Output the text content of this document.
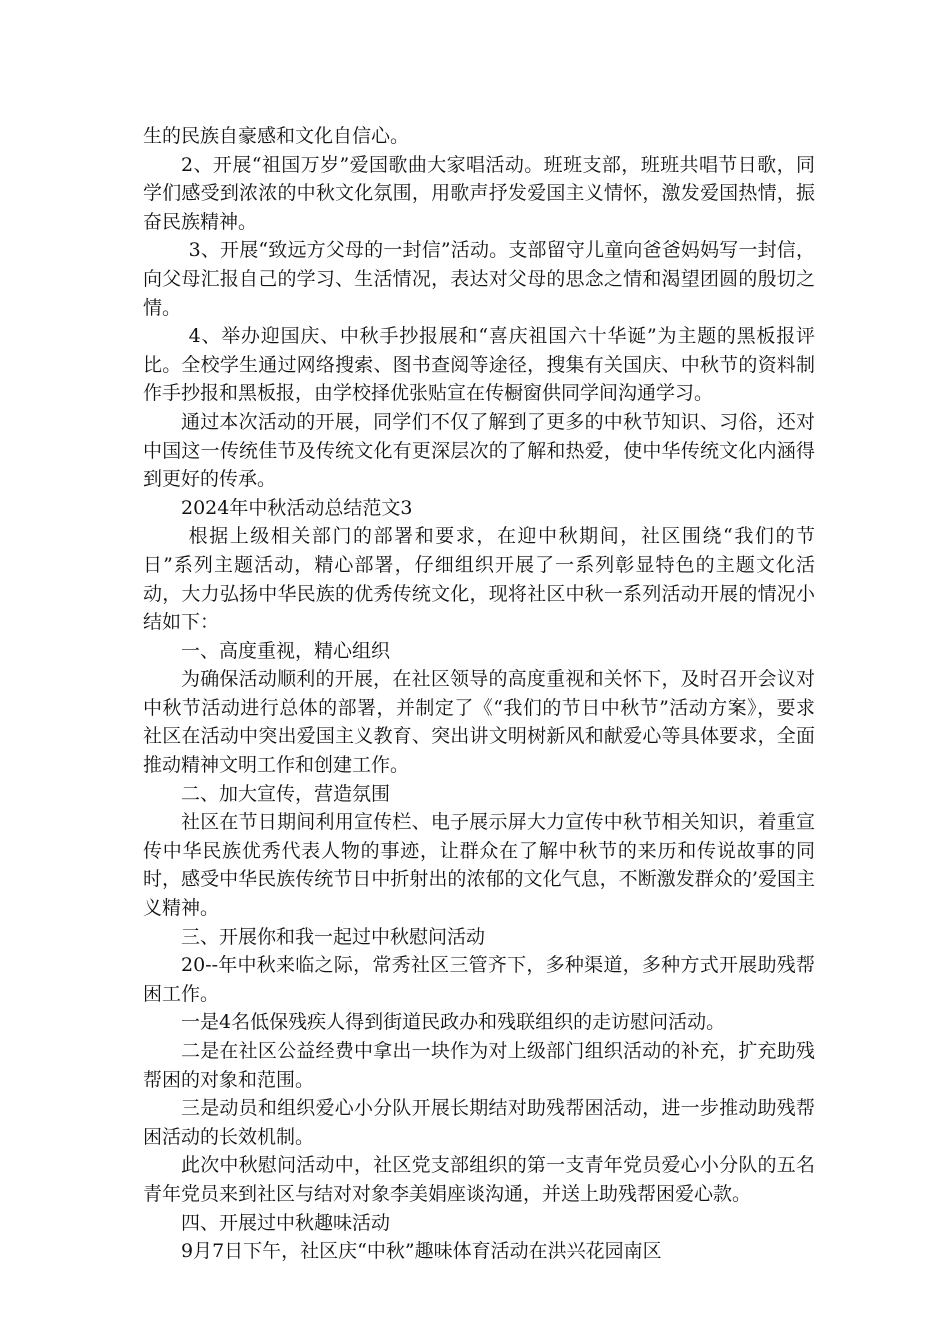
生的民族自豪感和文化自信心。

2、开展“祖国万岁”爱国歌曲大家唱活动。班班支部，班班共唱节日歌，同学们感受到浓浓的中秋文化氛围，用歌声抒发爱国主义情怀，激发爱国热情，振奋民族精神。

3、开展“致远方父母的一封信”活动。支部留守儿童向爸爸妈妈写一封信，向父母汇报自己的学习、生活情况，表达对父母的思念之情和渴望团圆的殷切之情。

4、举办迎国庆、中秋手抄报展和“喜庆祖国六十华诞”为主题的黑板报评比。全校学生通过网络搜索、图书查阅等途径，搜集有关国庆、中秋节的资料制作手抄报和黑板报，由学校择优张贴宣在传橱窗供同学间沟通学习。

通过本次活动的开展，同学们不仅了解到了更多的中秋节知识、习俗，还对中国这一传统佳节及传统文化有更深层次的了解和热爱，使中华传统文化内涵得到更好的传承。

2024年中秋活动总结范文3

根据上级相关部门的部署和要求，在迎中秋期间，社区围绕“我们的节日”系列主题活动，精心部署，仔细组织开展了一系列彰显特色的主题文化活动，大力弘扬中华民族的优秀传统文化，现将社区中秋一系列活动开展的情况小结如下：

一、高度重视，精心组织

为确保活动顺利的开展，在社区领导的高度重视和关怀下，及时召开会议对中秋节活动进行总体的部署，并制定了《“我们的节日中秋节”活动方案》，要求社区在活动中突出爱国主义教育、突出讲文明树新风和献爱心等具体要求，全面推动精神文明工作和创建工作。

二、加大宣传，营造氛围

社区在节日期间利用宣传栏、电子展示屏大力宣传中秋节相关知识，着重宣传中华民族优秀代表人物的事迹，让群众在了解中秋节的来历和传说故事的同时，感受中华民族传统节日中折射出的浓郁的文化气息，不断激发群众的’爱国主义精神。

三、开展你和我一起过中秋慰问活动

20--年中秋来临之际，常秀社区三管齐下，多种渠道，多种方式开展助残帮困工作。

一是4名低保残疾人得到街道民政办和残联组织的走访慰问活动。

二是在社区公益经费中拿出一块作为对上级部门组织活动的补充，扩充助残帮困的对象和范围。

三是动员和组织爱心小分队开展长期结对助残帮困活动，进一步推动助残帮困活动的长效机制。

此次中秋慰问活动中，社区党支部组织的第一支青年党员爱心小分队的五名青年党员来到社区与结对对象李美娟座谈沟通，并送上助残帮困爱心款。

四、开展过中秋趣味活动

9月7日下午，社区庆“中秋”趣味体育活动在洪兴花园南区
